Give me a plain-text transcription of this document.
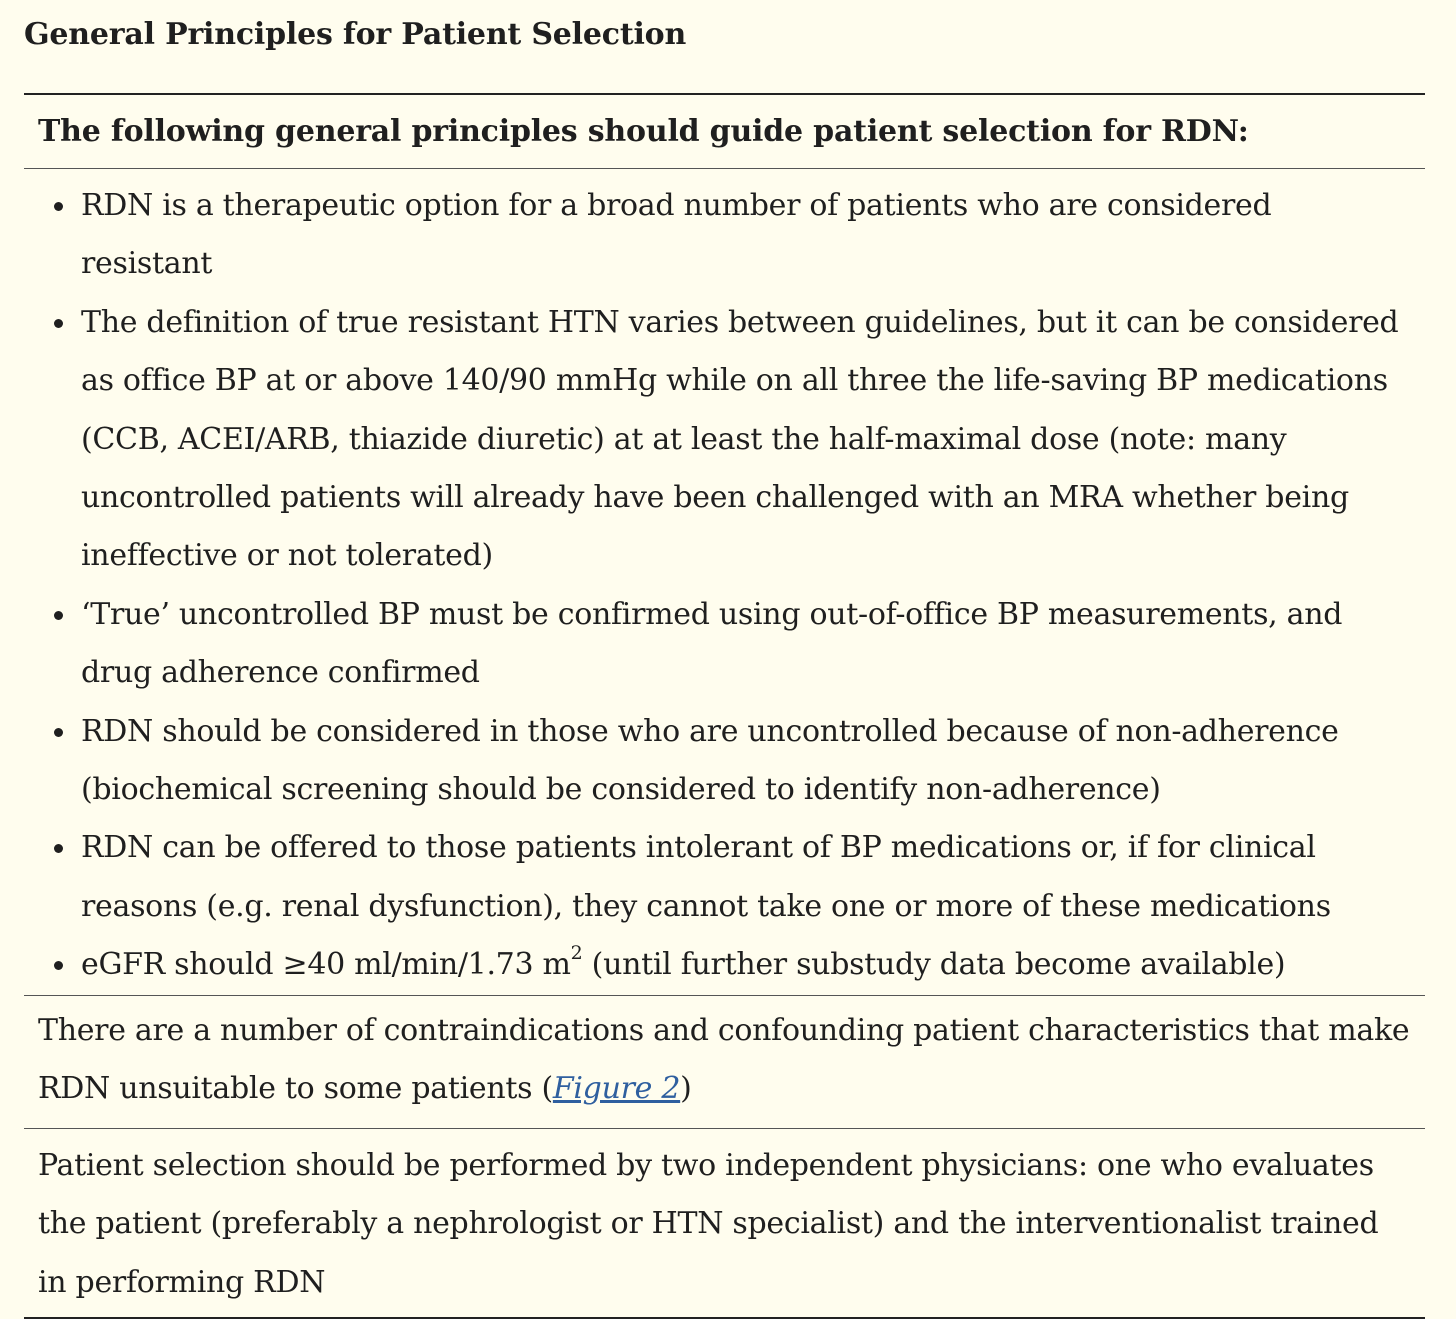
General Principles for Patient Selection
The following general principles should guide patient selection for RDN:

RDN is a therapeutic option for a broad number of patients who are considered resistant
The definition of true resistant HTN varies between guidelines, but it can be considered as office BP at or above 140/90 mmHg while on all three the life-saving BP medications (CCB, ACEI/ARB, thiazide diuretic) at at least the half-maximal dose (note: many uncontrolled patients will already have been challenged with an MRA whether being ineffective or not tolerated)
‘True’ uncontrolled BP must be confirmed using out-of-office BP measurements, and drug adherence confirmed
RDN should be considered in those who are uncontrolled because of non-adherence (biochemical screening should be considered to identify non-adherence)
RDN can be offered to those patients intolerant of BP medications or, if for clinical reasons (e.g. renal dysfunction), they cannot take one or more of these medications
eGFR should ≥40 ml/min/1.73 $m^2$ (until further substudy data become available)

There are a number of contraindications and confounding patient characteristics that make RDN unsuitable to some patients (Figure 2)
Patient selection should be performed by two independent physicians: one who evaluates the patient (preferably a nephrologist or HTN specialist) and the interventionalist trained in performing RDN
